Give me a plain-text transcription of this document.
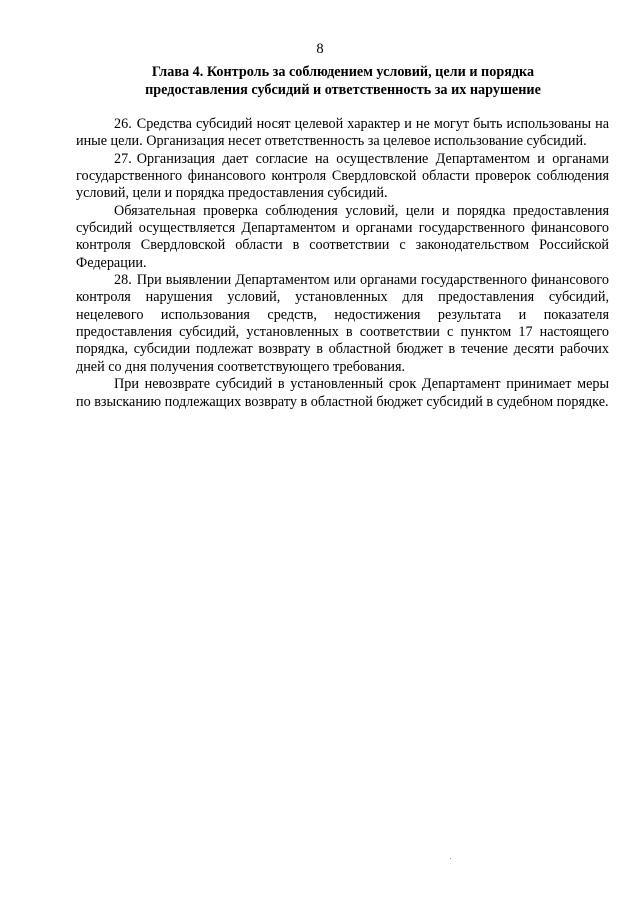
8
Глава 4. Контроль за соблюдением условий, цели и порядка
предоставления субсидий и ответственность за их нарушение

26. Средства субсидий носят целевой характер и не могут быть использованы на иные цели. Организация несет ответственность за целевое использование субсидий.

27. Организация дает согласие на осуществление Департаментом и органами государственного финансового контроля Свердловской области проверок соблюдения условий, цели и порядка предоставления субсидий.

Обязательная проверка соблюдения условий, цели и порядка предоставления субсидий осуществляется Департаментом и органами государственного финансового контроля Свердловской области в соответствии с законодательством Российской Федерации.

28. При выявлении Департаментом или органами государственного финансового контроля нарушения условий, установленных для предоставления субсидий, нецелевого использования средств, недостижения результата и показателя предоставления субсидий, установленных в соответствии с пунктом 17 настоящего порядка, субсидии подлежат возврату в областной бюджет в течение десяти рабочих дней со дня получения соответствующего требования.

При невозврате субсидий в установленный срок Департамент принимает меры по взысканию подлежащих возврату в областной бюджет субсидий в судебном порядке.
